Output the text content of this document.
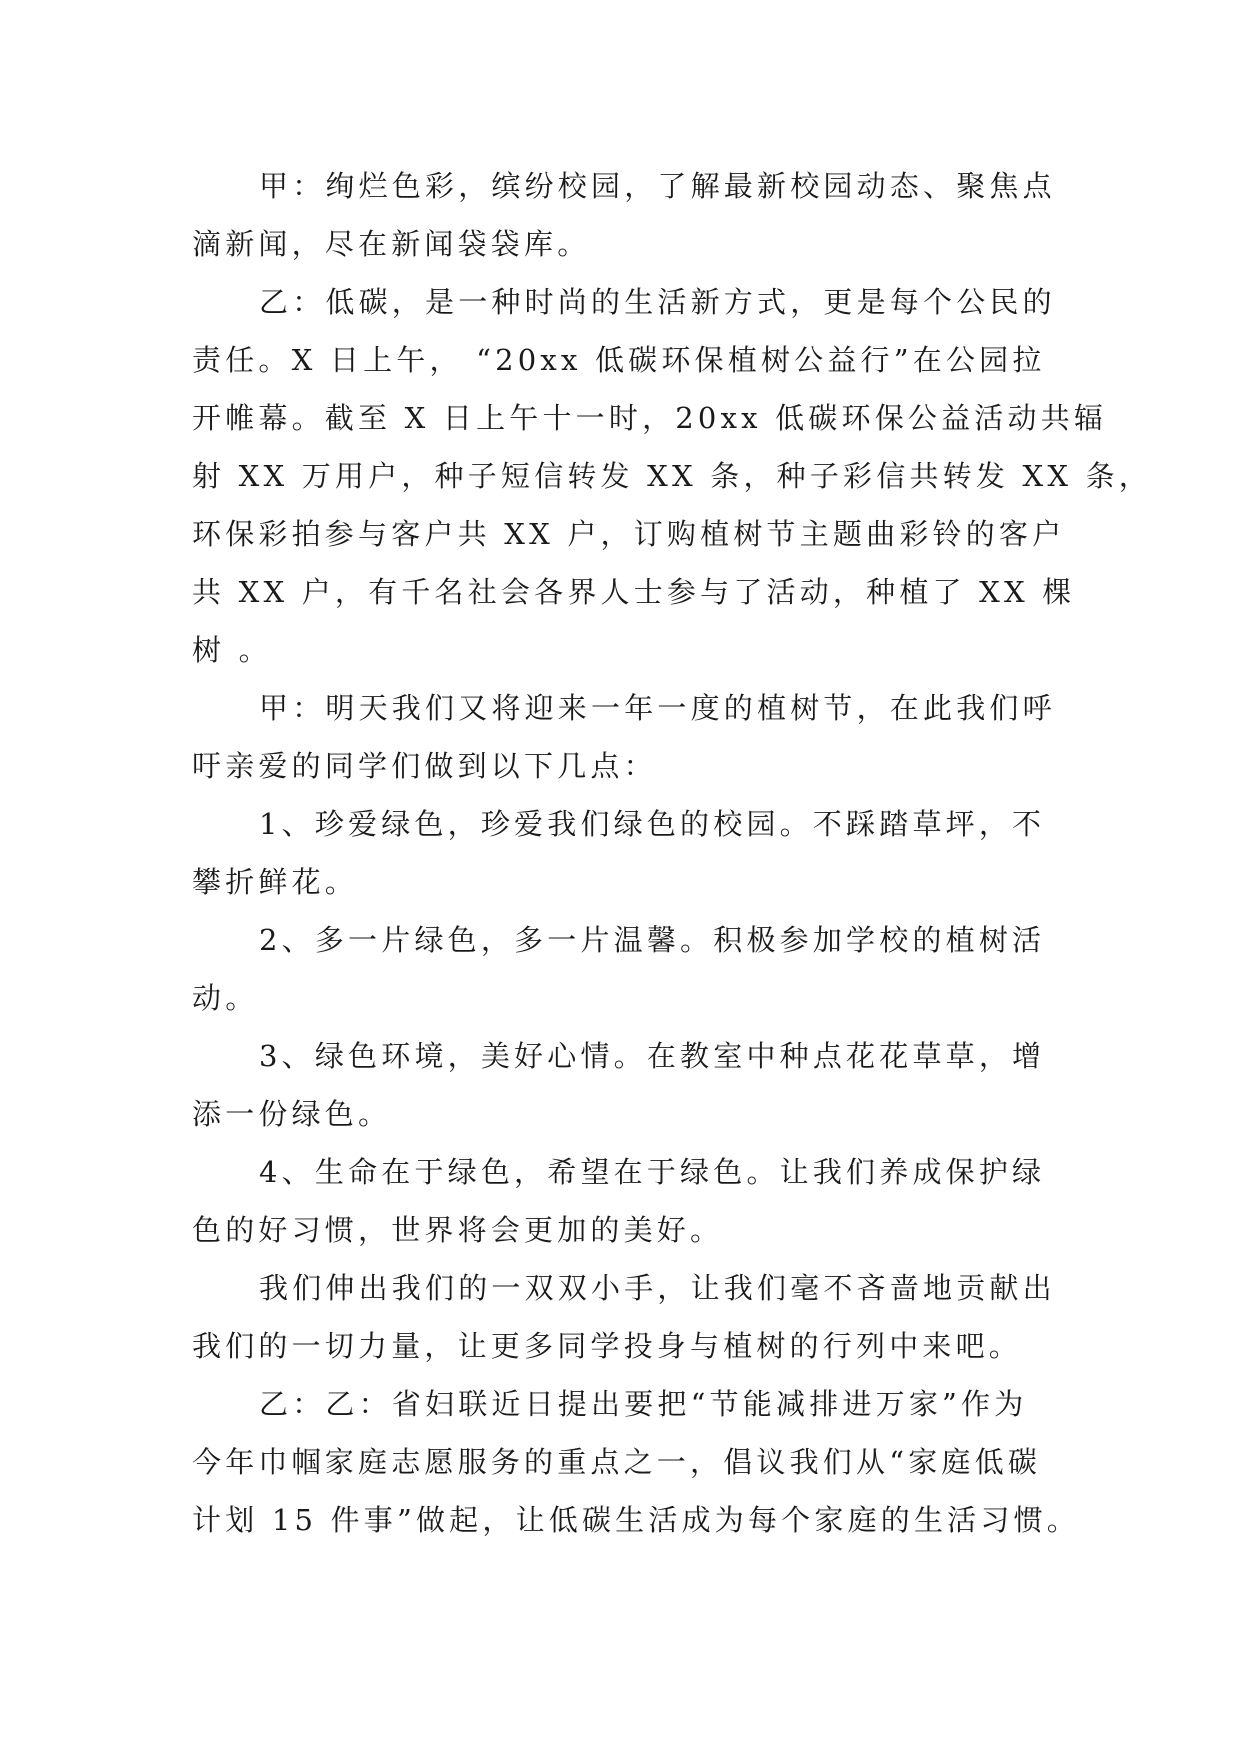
甲：绚烂色彩，缤纷校园，了解最新校园动态、聚焦点
滴新闻，尽在新闻袋袋库。
乙：低碳，是一种时尚的生活新方式，更是每个公民的
责任。X 日上午， “20xx 低碳环保植树公益行”在公园拉
开帷幕。截至 X 日上午十一时，20xx 低碳环保公益活动共辐
射 XX 万用户，种子短信转发 XX 条，种子彩信共转发 XX 条，
环保彩拍参与客户共 XX 户，订购植树节主题曲彩铃的客户
共 XX 户，有千名社会各界人士参与了活动，种植了 XX 棵
树 。
甲：明天我们又将迎来一年一度的植树节，在此我们呼
吁亲爱的同学们做到以下几点：
1、珍爱绿色，珍爱我们绿色的校园。不踩踏草坪，不
攀折鲜花。
2、多一片绿色，多一片温馨。积极参加学校的植树活
动。
3、绿色环境，美好心情。在教室中种点花花草草，增
添一份绿色。
4、生命在于绿色，希望在于绿色。让我们养成保护绿
色的好习惯，世界将会更加的美好。
我们伸出我们的一双双小手，让我们毫不吝啬地贡献出
我们的一切力量，让更多同学投身与植树的行列中来吧。
乙：乙：省妇联近日提出要把“节能减排进万家”作为
今年巾帼家庭志愿服务的重点之一，倡议我们从“家庭低碳
计划 15 件事”做起，让低碳生活成为每个家庭的生活习惯。
